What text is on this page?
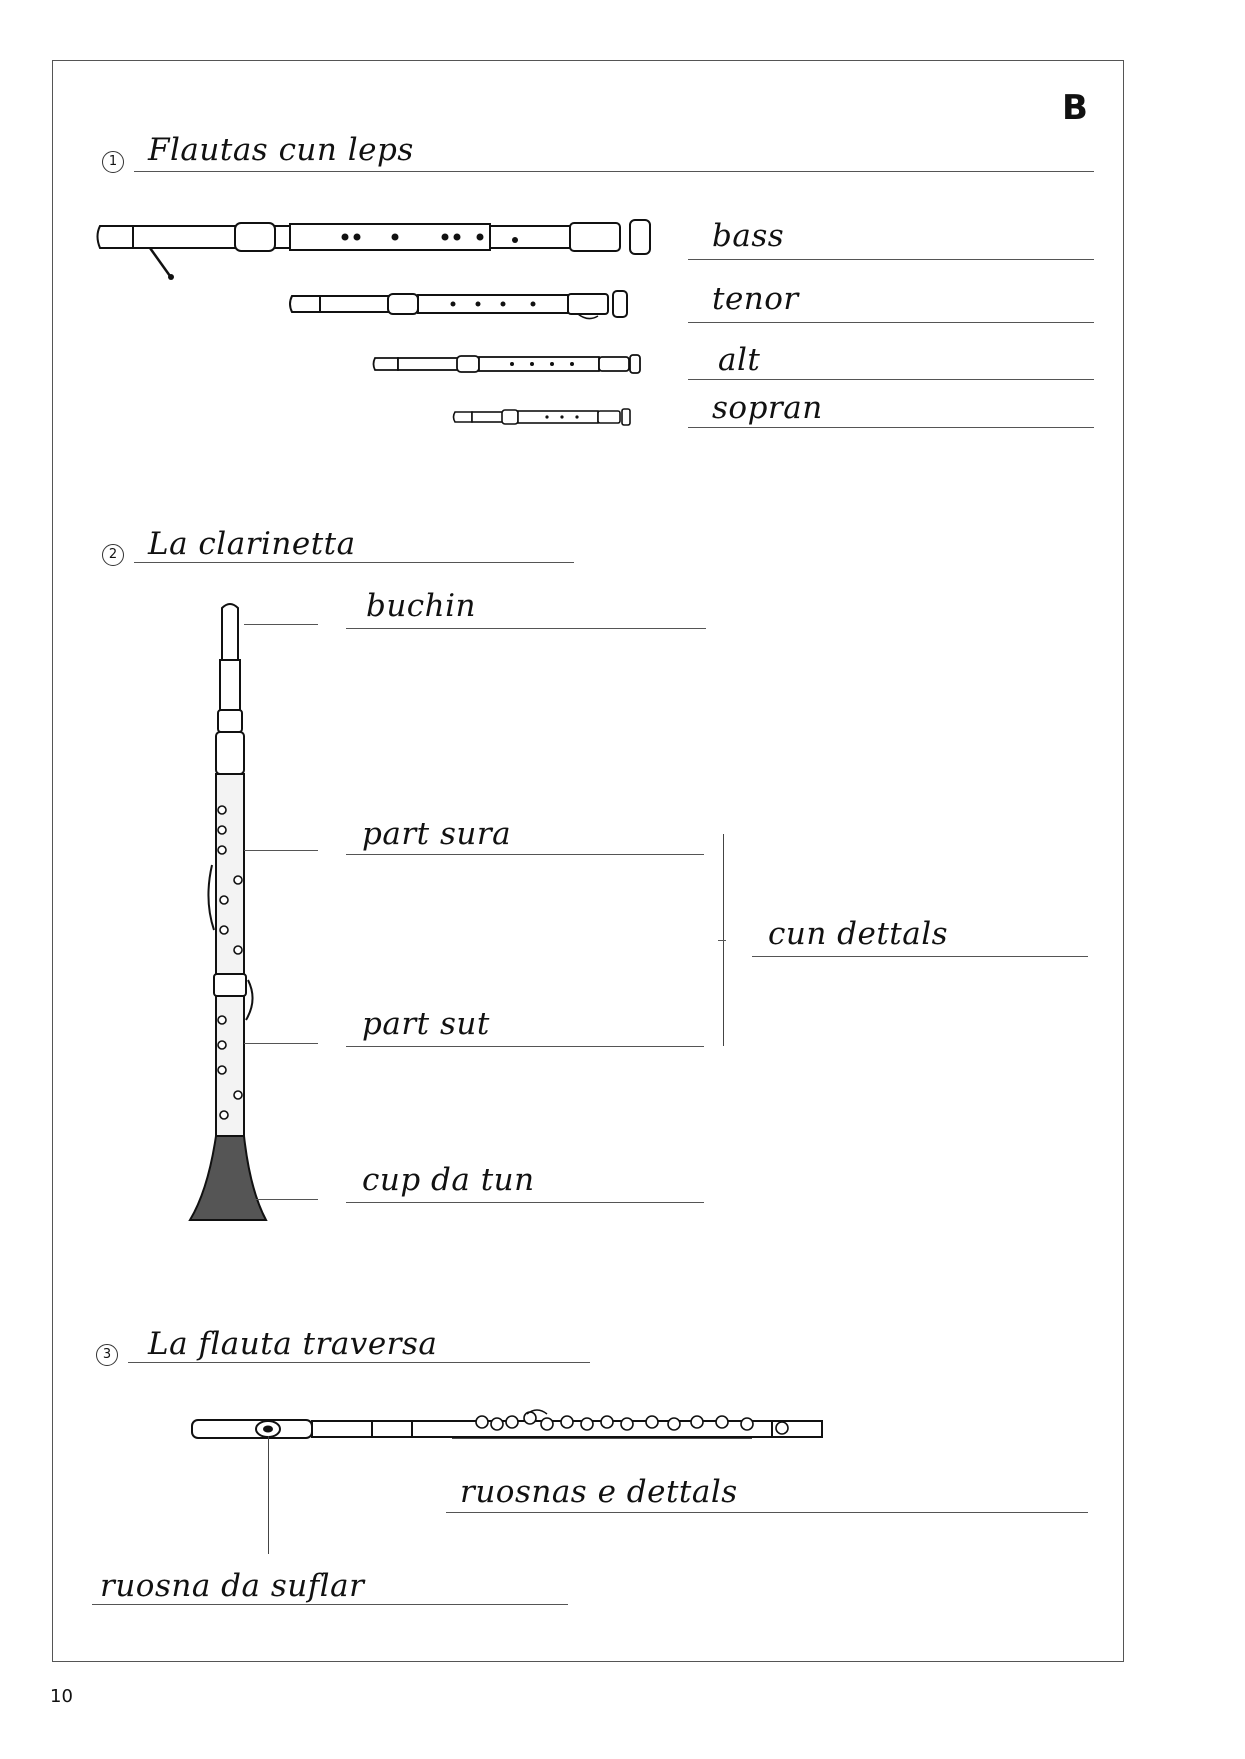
B
1 Flautas cun leps
bass
tenor
alt
sopran
2 La clarinetta
buchin
part sura
part sut
cup da tun
cun dettals
3 La flauta traversa
ruosnas e dettals
ruosna da suflar
10
